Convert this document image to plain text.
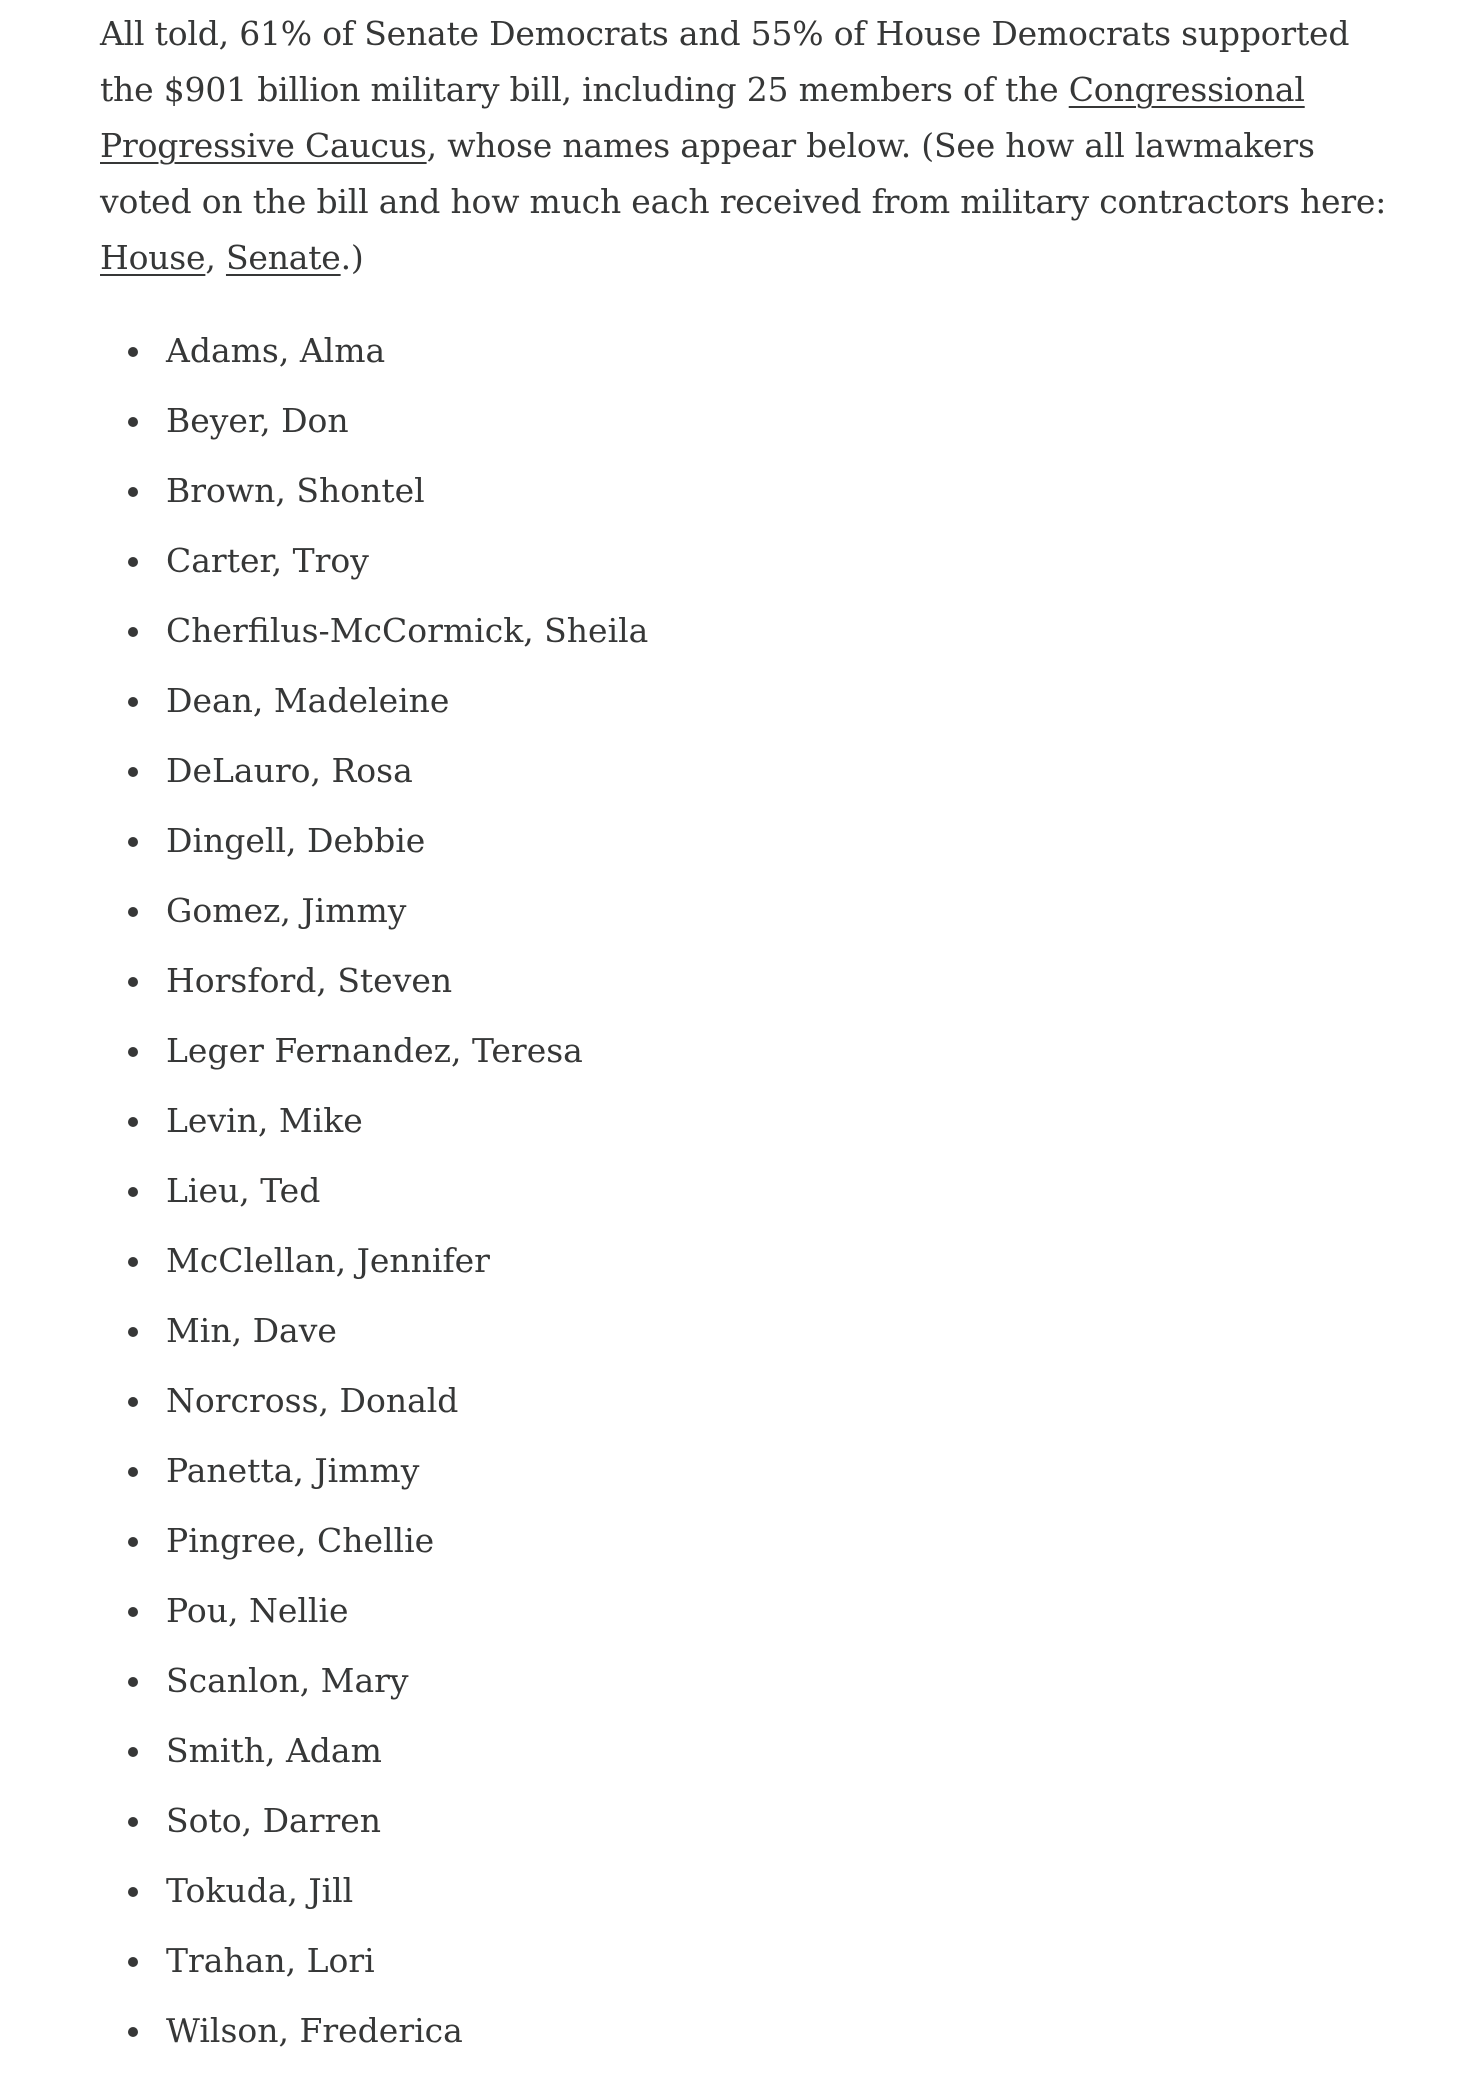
All told, 61% of Senate Democrats and 55% of House Democrats supported the $901 billion military bill, including 25 members of the Congressional Progressive Caucus, whose names appear below. (See how all lawmakers voted on the bill and how much each received from military contractors here: House, Senate.)

Adams, Alma
Beyer, Don
Brown, Shontel
Carter, Troy
Cherfilus-McCormick, Sheila
Dean, Madeleine
DeLauro, Rosa
Dingell, Debbie
Gomez, Jimmy
Horsford, Steven
Leger Fernandez, Teresa
Levin, Mike
Lieu, Ted
McClellan, Jennifer
Min, Dave
Norcross, Donald
Panetta, Jimmy
Pingree, Chellie
Pou, Nellie
Scanlon, Mary
Smith, Adam
Soto, Darren
Tokuda, Jill
Trahan, Lori
Wilson, Frederica
